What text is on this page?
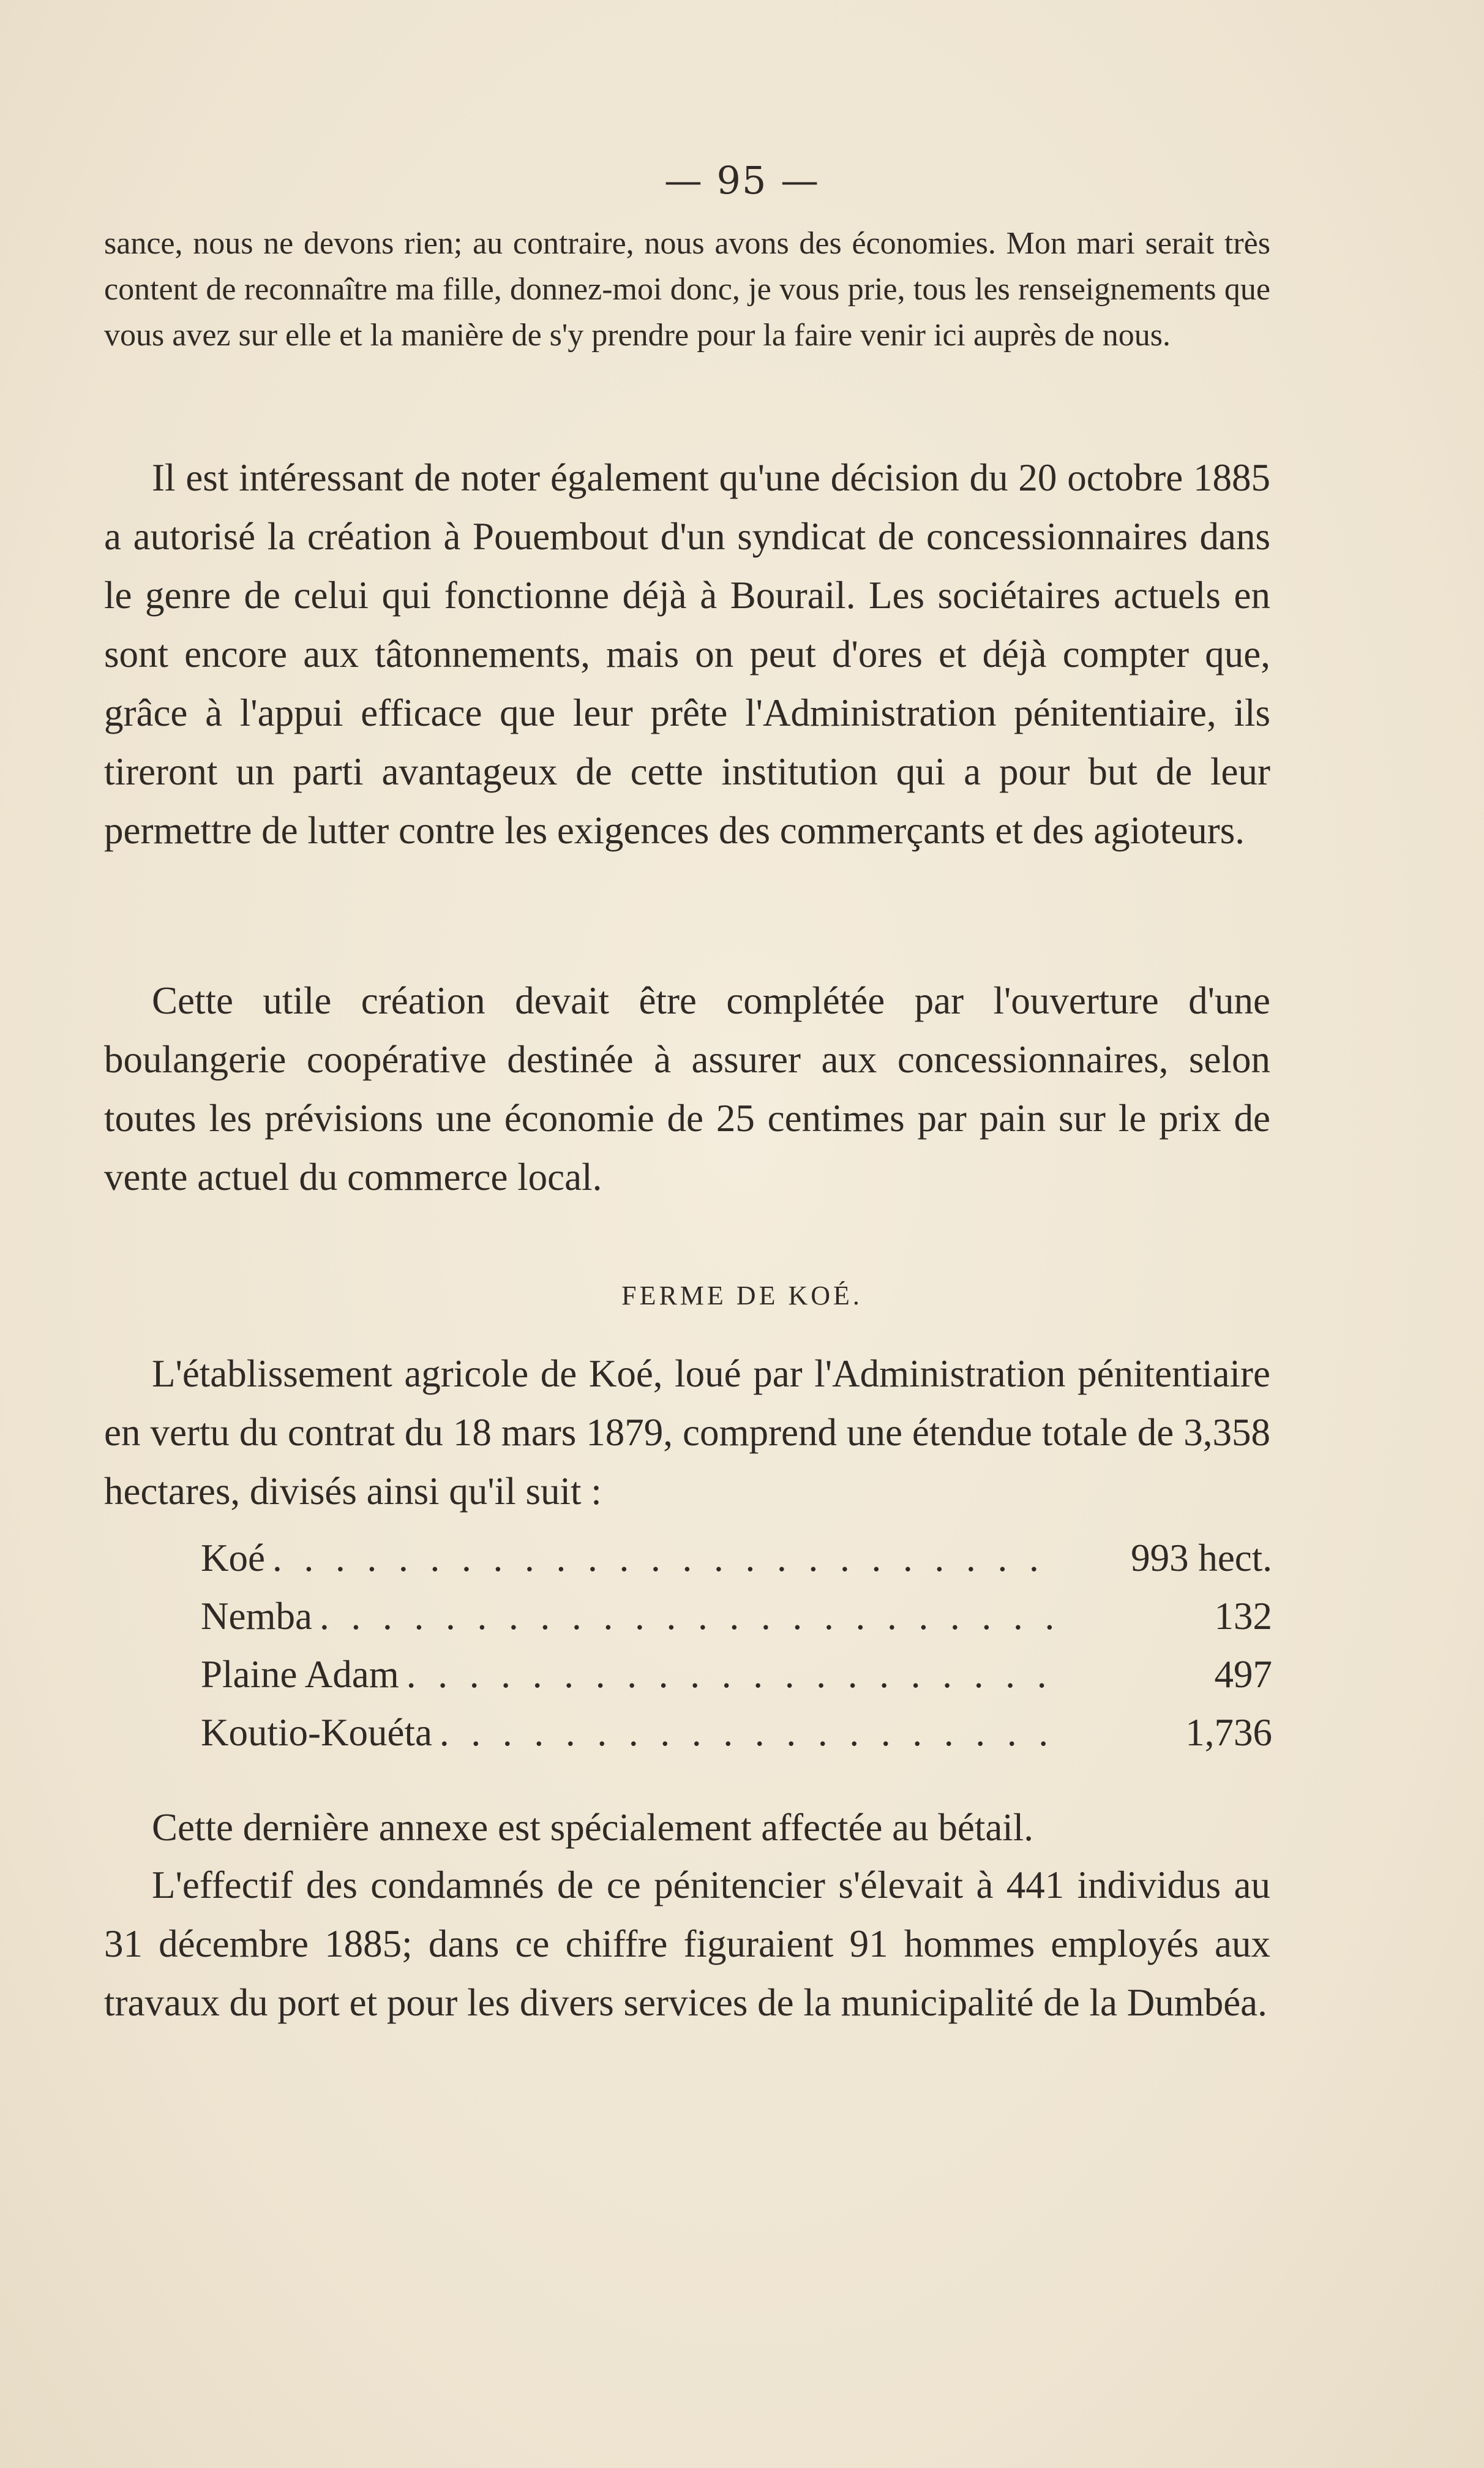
— 95 —

sance, nous ne devons rien; au contraire, nous avons des économies. Mon mari serait très content de reconnaître ma fille, donnez-moi donc, je vous prie, tous les renseignements que vous avez sur elle et la manière de s'y prendre pour la faire venir ici auprès de nous.

Il est intéressant de noter également qu'une décision du 20 octobre 1885 a autorisé la création à Pouembout d'un syndicat de concessionnaires dans le genre de celui qui fonctionne déjà à Bourail. Les sociétaires actuels en sont encore aux tâtonnements, mais on peut d'ores et déjà compter que, grâce à l'appui efficace que leur prête l'Administration pénitentiaire, ils tireront un parti avantageux de cette institution qui a pour but de leur permettre de lutter contre les exigences des commerçants et des agioteurs.

Cette utile création devait être complétée par l'ouverture d'une boulangerie coopérative destinée à assurer aux concessionnaires, selon toutes les prévisions une économie de 25 centimes par pain sur le prix de vente actuel du commerce local.

FERME DE KOÉ.

L'établissement agricole de Koé, loué par l'Administration pénitentiaire en vertu du contrat du 18 mars 1879, comprend une étendue totale de 3,358 hectares, divisés ainsi qu'il suit :

Koé . . .	993 hect.
Nemba . . .	132
Plaine Adam . . .	497
Koutio-Kouéta . . .	1,736

Cette dernière annexe est spécialement affectée au bétail.

L'effectif des condamnés de ce pénitencier s'élevait à 441 individus au 31 décembre 1885; dans ce chiffre figuraient 91 hommes employés aux travaux du port et pour les divers services de la municipalité de la Dumbéa.
